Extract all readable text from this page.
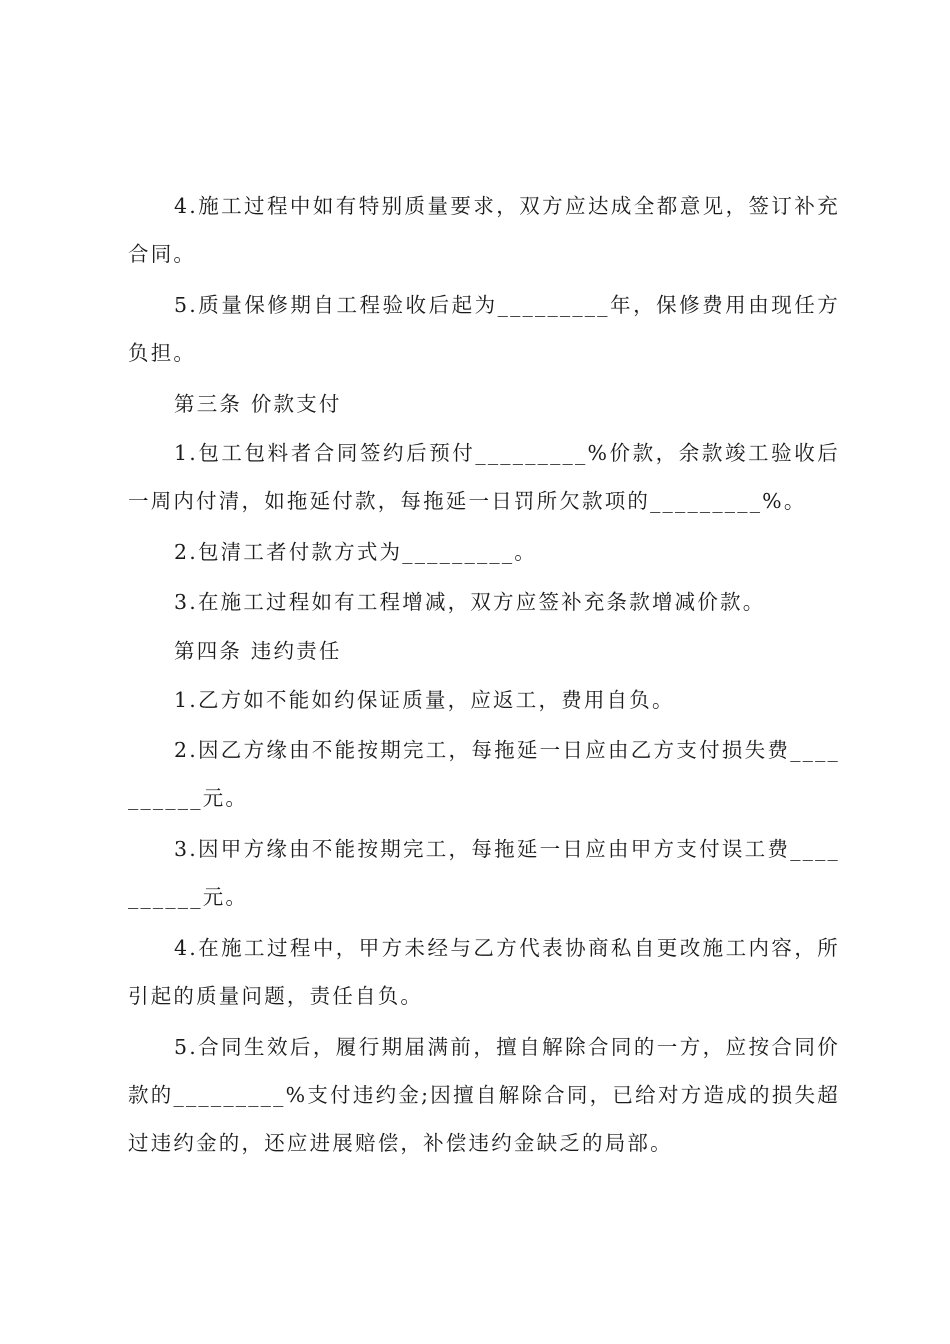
4.施工过程中如有特别质量要求，双方应达成全都意见，签订补充合同。

5.质量保修期自工程验收后起为_________年，保修费用由现任方负担。

第三条 价款支付

1.包工包料者合同签约后预付_________%价款，余款竣工验收后一周内付清，如拖延付款，每拖延一日罚所欠款项的_________%。

2.包清工者付款方式为_________。

3.在施工过程如有工程增减，双方应签补充条款增减价款。

第四条 违约责任

1.乙方如不能如约保证质量，应返工，费用自负。

2.因乙方缘由不能按期完工，每拖延一日应由乙方支付损失费__________元。

3.因甲方缘由不能按期完工，每拖延一日应由甲方支付误工费__________元。

4.在施工过程中，甲方未经与乙方代表协商私自更改施工内容，所引起的质量问题，责任自负。

5.合同生效后，履行期届满前，擅自解除合同的一方，应按合同价款的_________%支付违约金;因擅自解除合同，已给对方造成的损失超过违约金的，还应进展赔偿，补偿违约金缺乏的局部。
